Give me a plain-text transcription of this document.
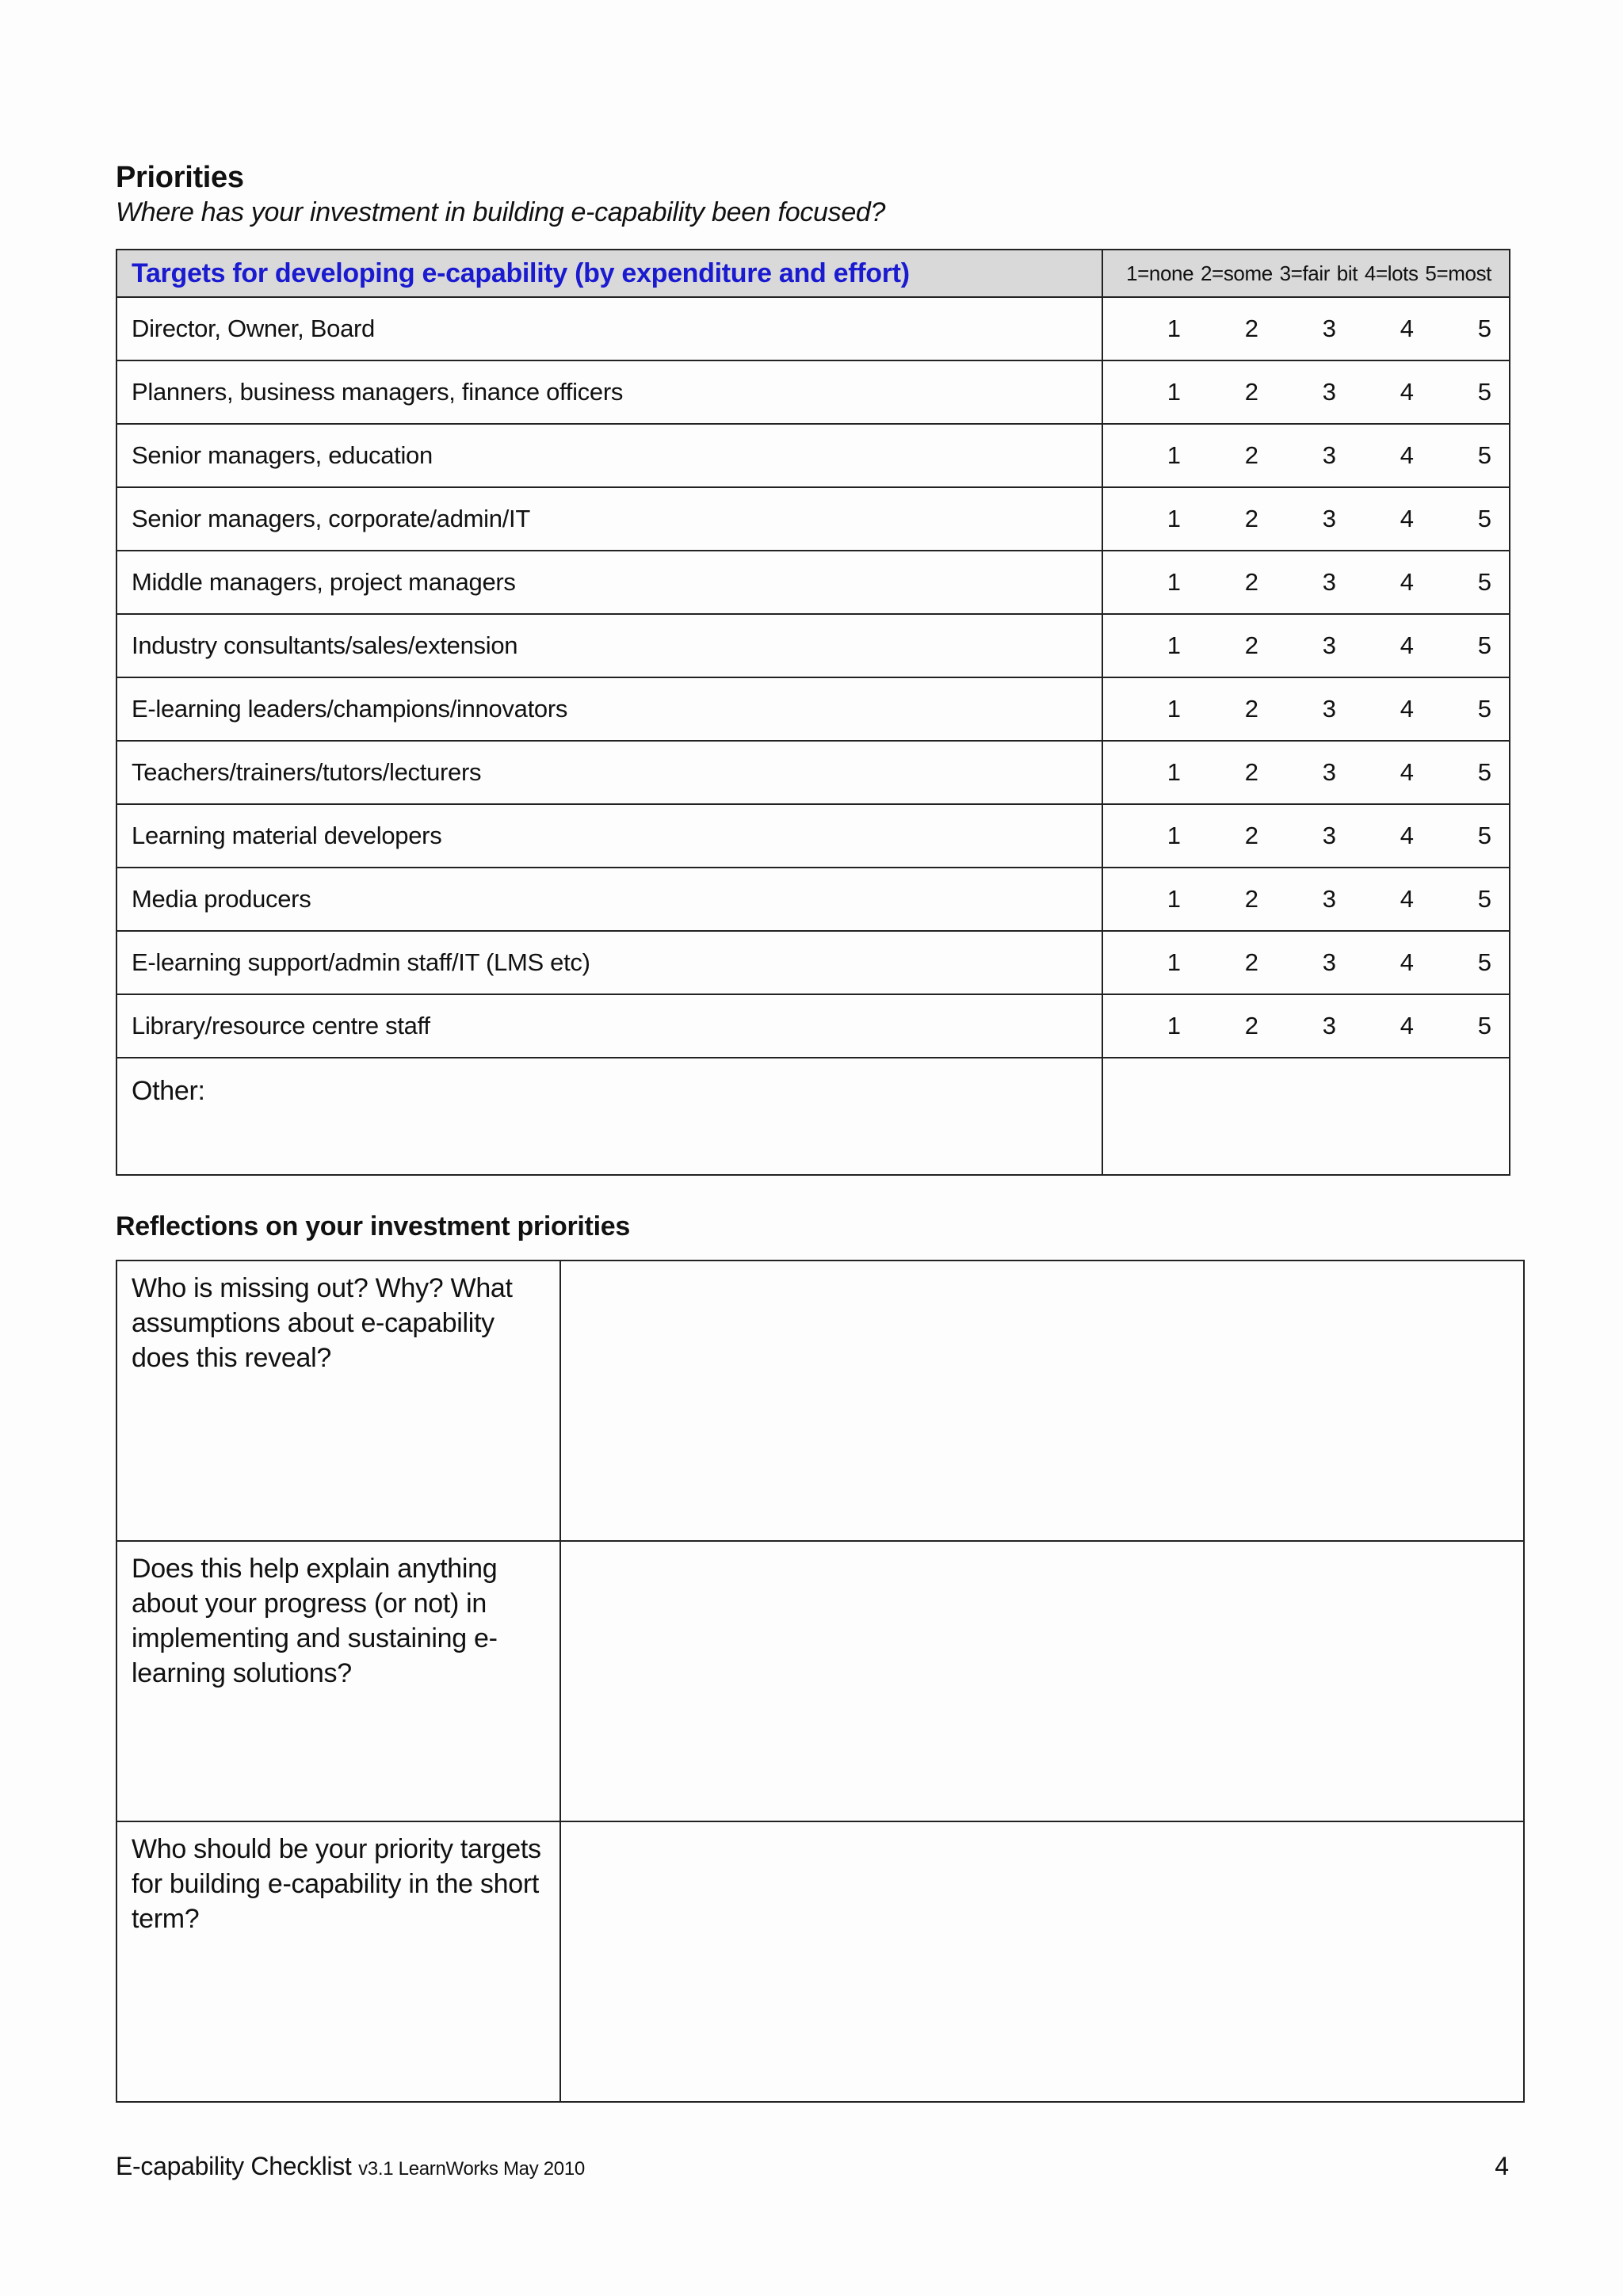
Priorities
Where has your investment in building e-capability been focused?
Targets for developing e-capability (by expenditure and effort)	1=none 2=some 3=fair bit 4=lots 5=most

Director, Owner, Board	1 2 3 4 5

Planners, business managers, finance officers	1 2 3 4 5

Senior managers, education	1 2 3 4 5

Senior managers, corporate/admin/IT	1 2 3 4 5

Middle managers, project managers	1 2 3 4 5

Industry consultants/sales/extension	1 2 3 4 5

E-learning leaders/champions/innovators	1 2 3 4 5

Teachers/trainers/tutors/lecturers	1 2 3 4 5

Learning material developers	1 2 3 4 5

Media producers	1 2 3 4 5

E-learning support/admin staff/IT (LMS etc)	1 2 3 4 5

Library/resource centre staff	1 2 3 4 5

Other:	
Reflections on your investment priorities
Who is missing out? Why? What assumptions about e-capability does this reveal?	
Does this help explain anything about your progress (or not) in implementing and sustaining e-learning solutions?	
Who should be your priority targets for building e-capability in the short term?	
E-capability Checklist v3.1 LearnWorks May 2010	4
